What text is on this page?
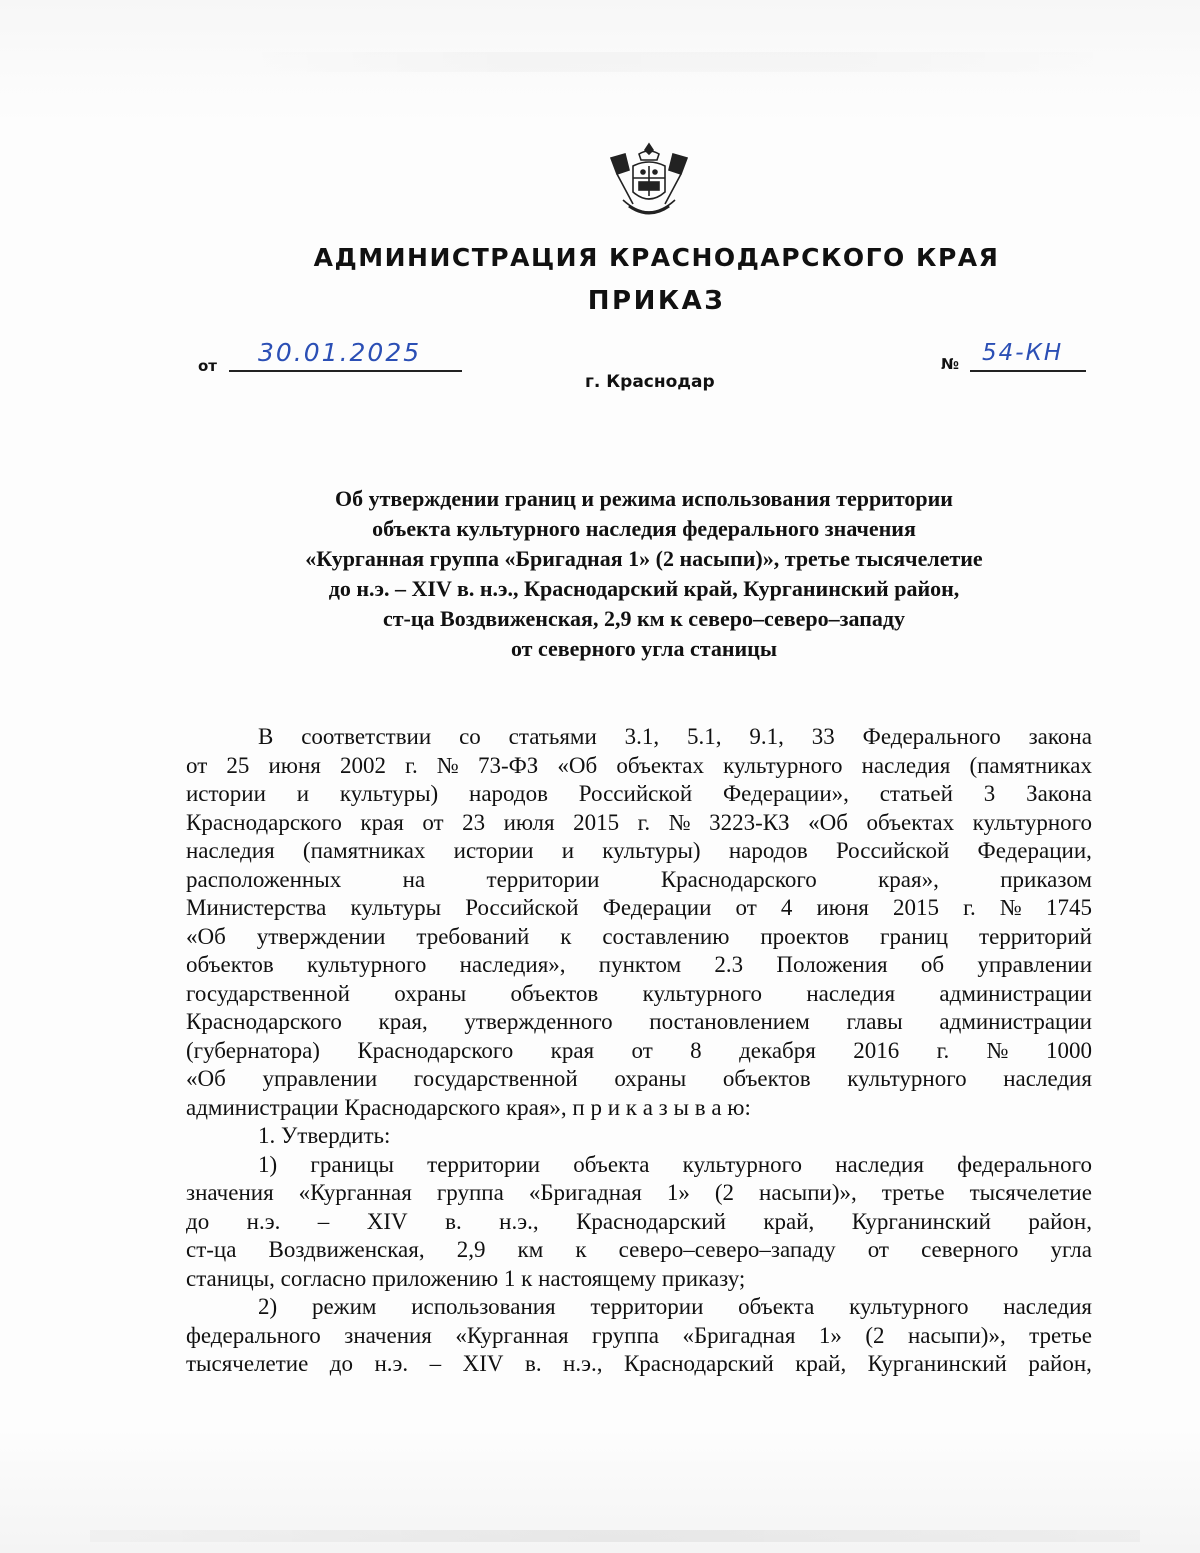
АДМИНИСТРАЦИЯ КРАСНОДАРСКОГО КРАЯ
ПРИКАЗ
от 30.01.2025
г. Краснодар
№ 54-КН
Об утверждении границ и режима использования территории
объекта культурного наследия федерального значения
«Курганная группа «Бригадная 1» (2 насыпи)», третье тысячелетие
до н.э. – XIV в. н.э., Краснодарский край, Курганинский район,
ст-ца Воздвиженская, 2,9 км к северо–северо–западу
от северного угла станицы
В соответствии со статьями 3.1, 5.1, 9.1, 33 Федерального закона
от 25 июня 2002 г. № 73-ФЗ «Об объектах культурного наследия (памятниках
истории и культуры) народов Российской Федерации», статьей 3 Закона
Краснодарского края от 23 июля 2015 г. № 3223-КЗ «Об объектах культурного
наследия (памятниках истории и культуры) народов Российской Федерации,
расположенных	на	территории	Краснодарского	края»,	приказом
Министерства культуры Российской Федерации от 4 июня 2015 г. № 1745
«Об утверждении требований к составлению проектов границ территорий
объектов культурного наследия», пунктом 2.3 Положения об управлении
государственной охраны объектов культурного наследия администрации
Краснодарского края, утвержденного постановлением главы администрации
(губернатора) Краснодарского края от 8 декабря 2016 г. № 1000
«Об управлении государственной охраны объектов культурного наследия
администрации Краснодарского края», п р и к а з ы в а ю:
1. Утвердить:
1) границы территории объекта культурного наследия федерального
значения «Курганная группа «Бригадная 1» (2 насыпи)», третье тысячелетие
до н.э. – XIV в. н.э., Краснодарский край, Курганинский район,
ст-ца Воздвиженская, 2,9 км к северо–северо–западу от северного угла
станицы, согласно приложению 1 к настоящему приказу;
2) режим использования территории объекта культурного наследия
федерального значения «Курганная группа «Бригадная 1» (2 насыпи)», третье
тысячелетие до н.э. – XIV в. н.э., Краснодарский край, Курганинский район,
